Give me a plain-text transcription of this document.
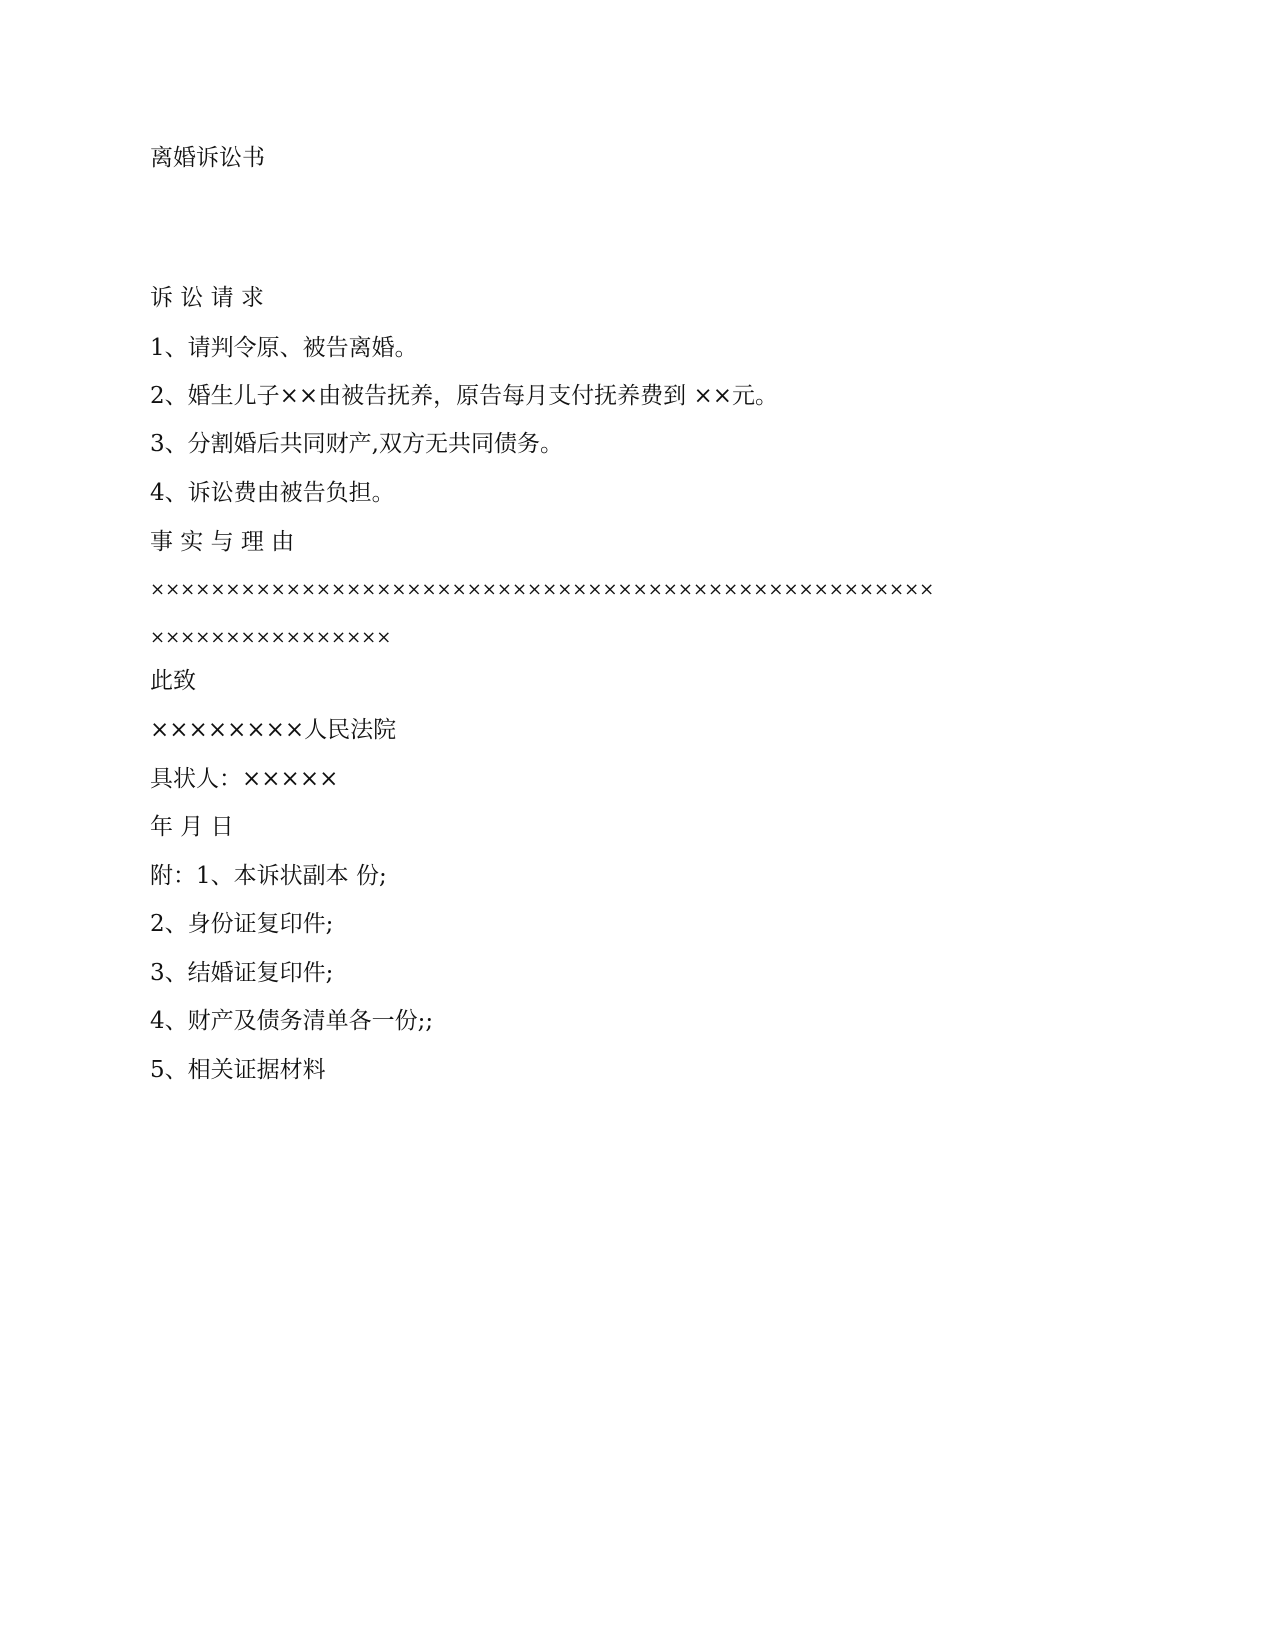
离婚诉讼书
诉 讼 请 求
1、请判令原、被告离婚。
2、婚生儿子××由被告抚养，原告每月支付抚养费到 ××元。
3、分割婚后共同财产,双方无共同债务。
4、诉讼费由被告负担。
事 实 与 理 由
××××××××××××××××××××××××××××××××××××××××××××××××××××
××××××××××××××××
此致
××××××××人民法院
具状人：×××××
年 月 日
附：1、本诉状副本 份;
2、身份证复印件;
3、结婚证复印件;
4、财产及债务清单各一份;;
5、相关证据材料
